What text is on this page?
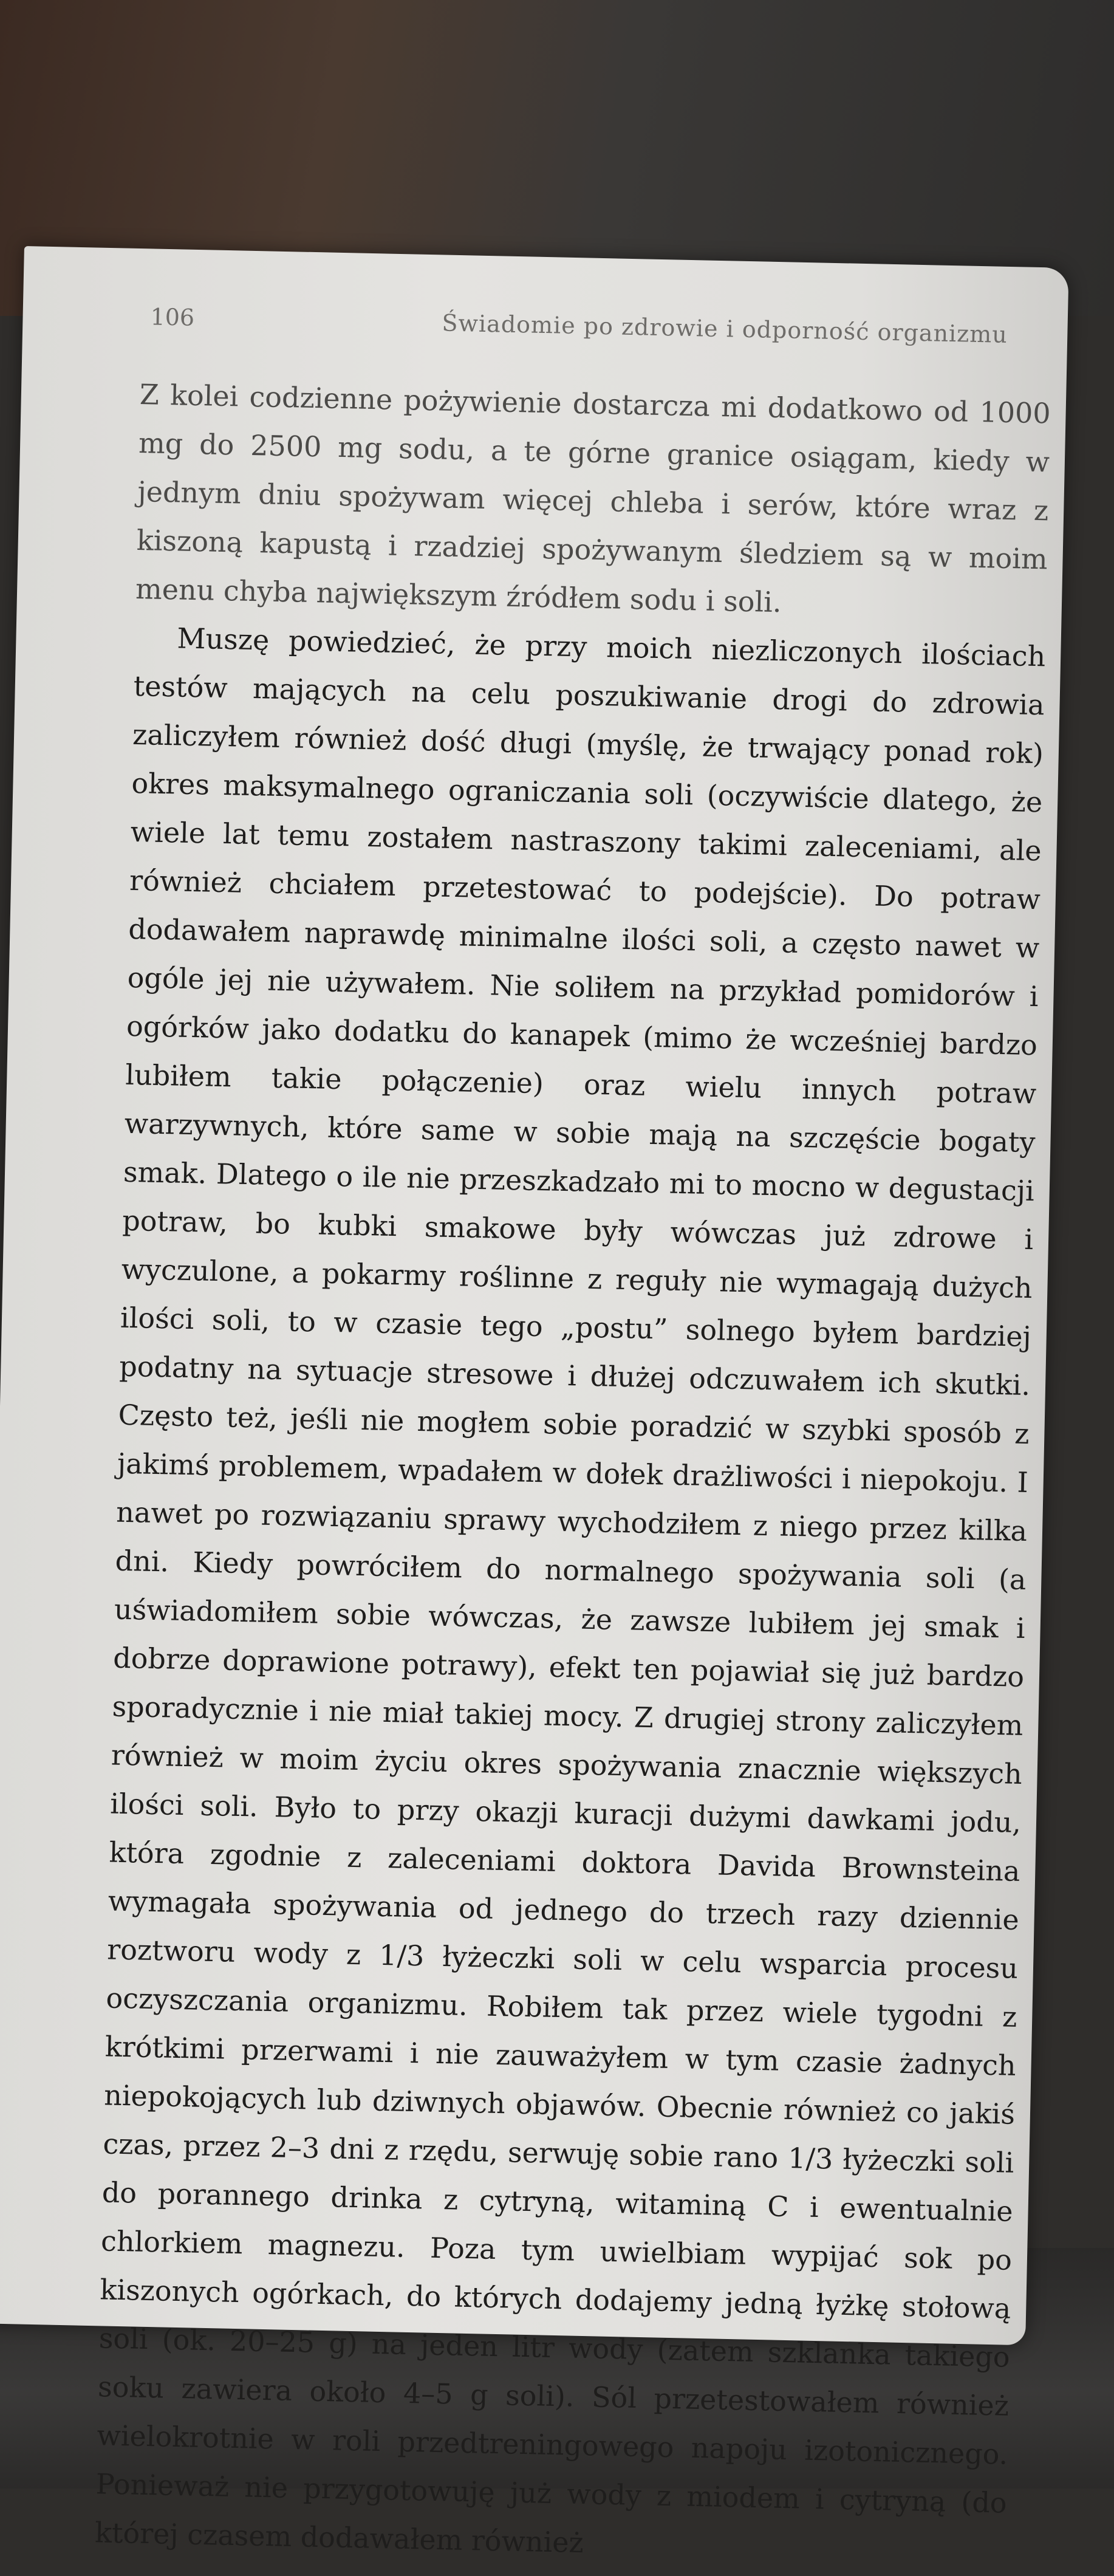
106	Świadomie po zdrowie i odporność organizmu

Z kolei codzienne pożywienie dostarcza mi dodatkowo od 1000 mg do 2500 mg sodu, a te górne granice osiągam, kiedy w jednym dniu spożywam więcej chleba i serów, które wraz z kiszoną kapustą i rzadziej spożywanym śledziem są w moim menu chyba największym źródłem sodu i soli.

Muszę powiedzieć, że przy moich niezliczonych ilościach testów mających na celu poszukiwanie drogi do zdrowia zaliczyłem również dość długi (myślę, że trwający ponad rok) okres maksymalnego ograniczania soli (oczywiście dlatego, że wiele lat temu zostałem nastraszony takimi zaleceniami, ale również chciałem przetestować to podejście). Do potraw dodawałem naprawdę minimalne ilości soli, a często nawet w ogóle jej nie używałem. Nie soliłem na przykład pomidorów i ogórków jako dodatku do kanapek (mimo że wcześniej bardzo lubiłem takie połączenie) oraz wielu innych potraw warzywnych, które same w sobie mają na szczęście bogaty smak. Dlatego o ile nie przeszkadzało mi to mocno w degustacji potraw, bo kubki smakowe były wówczas już zdrowe i wyczulone, a pokarmy roślinne z reguły nie wymagają dużych ilości soli, to w czasie tego „postu” solnego byłem bardziej podatny na sytuacje stresowe i dłużej odczuwałem ich skutki. Często też, jeśli nie mogłem sobie poradzić w szybki sposób z jakimś problemem, wpadałem w dołek drażliwości i niepokoju. I nawet po rozwiązaniu sprawy wychodziłem z niego przez kilka dni. Kiedy powróciłem do normalnego spożywania soli (a uświadomiłem sobie wówczas, że zawsze lubiłem jej smak i dobrze doprawione potrawy), efekt ten pojawiał się już bardzo sporadycznie i nie miał takiej mocy. Z drugiej strony zaliczyłem również w moim życiu okres spożywania znacznie większych ilości soli. Było to przy okazji kuracji dużymi dawkami jodu, która zgodnie z zaleceniami doktora Davida Brownsteina wymagała spożywania od jednego do trzech razy dziennie roztworu wody z 1/3 łyżeczki soli w celu wsparcia procesu oczyszczania organizmu. Robiłem tak przez wiele tygodni z krótkimi przerwami i nie zauważyłem w tym czasie żadnych niepokojących lub dziwnych objawów. Obecnie również co jakiś czas, przez 2–3 dni z rzędu, serwuję sobie rano 1/3 łyżeczki soli do porannego drinka z cytryną, witaminą C i ewentualnie chlorkiem magnezu. Poza tym uwielbiam wypijać sok po kiszonych ogórkach, do których dodajemy jedną łyżkę stołową soli (ok. 20–25 g) na jeden litr wody (zatem szklanka takiego soku zawiera około 4–5 g soli). Sól przetestowałem również wielokrotnie w roli przedtreningowego napoju izotonicznego. Ponieważ nie przygotowuję już wody z miodem i cytryną (do której czasem dodawałem również
